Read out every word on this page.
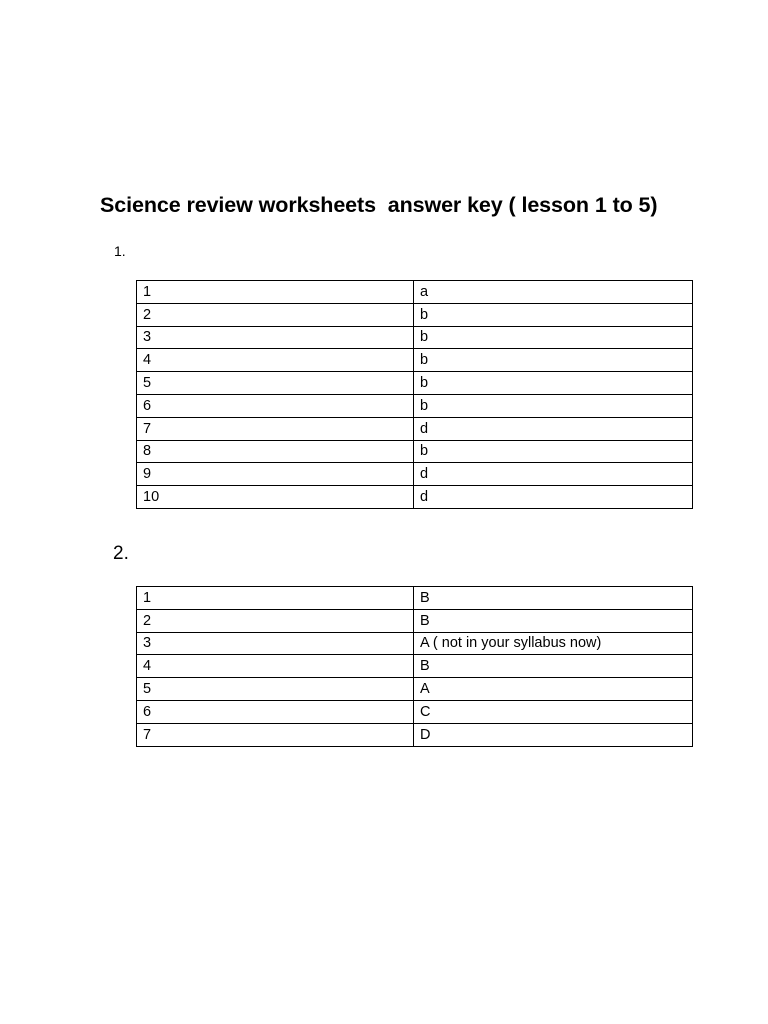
Science review worksheets  answer key ( lesson 1 to 5)
1.
1	a
2	b
3	b
4	b
5	b
6	b
7	d
8	b
9	d
10	d
2.
1	B
2	B
3	A ( not in your syllabus now)
4	B
5	A
6	C
7	D
